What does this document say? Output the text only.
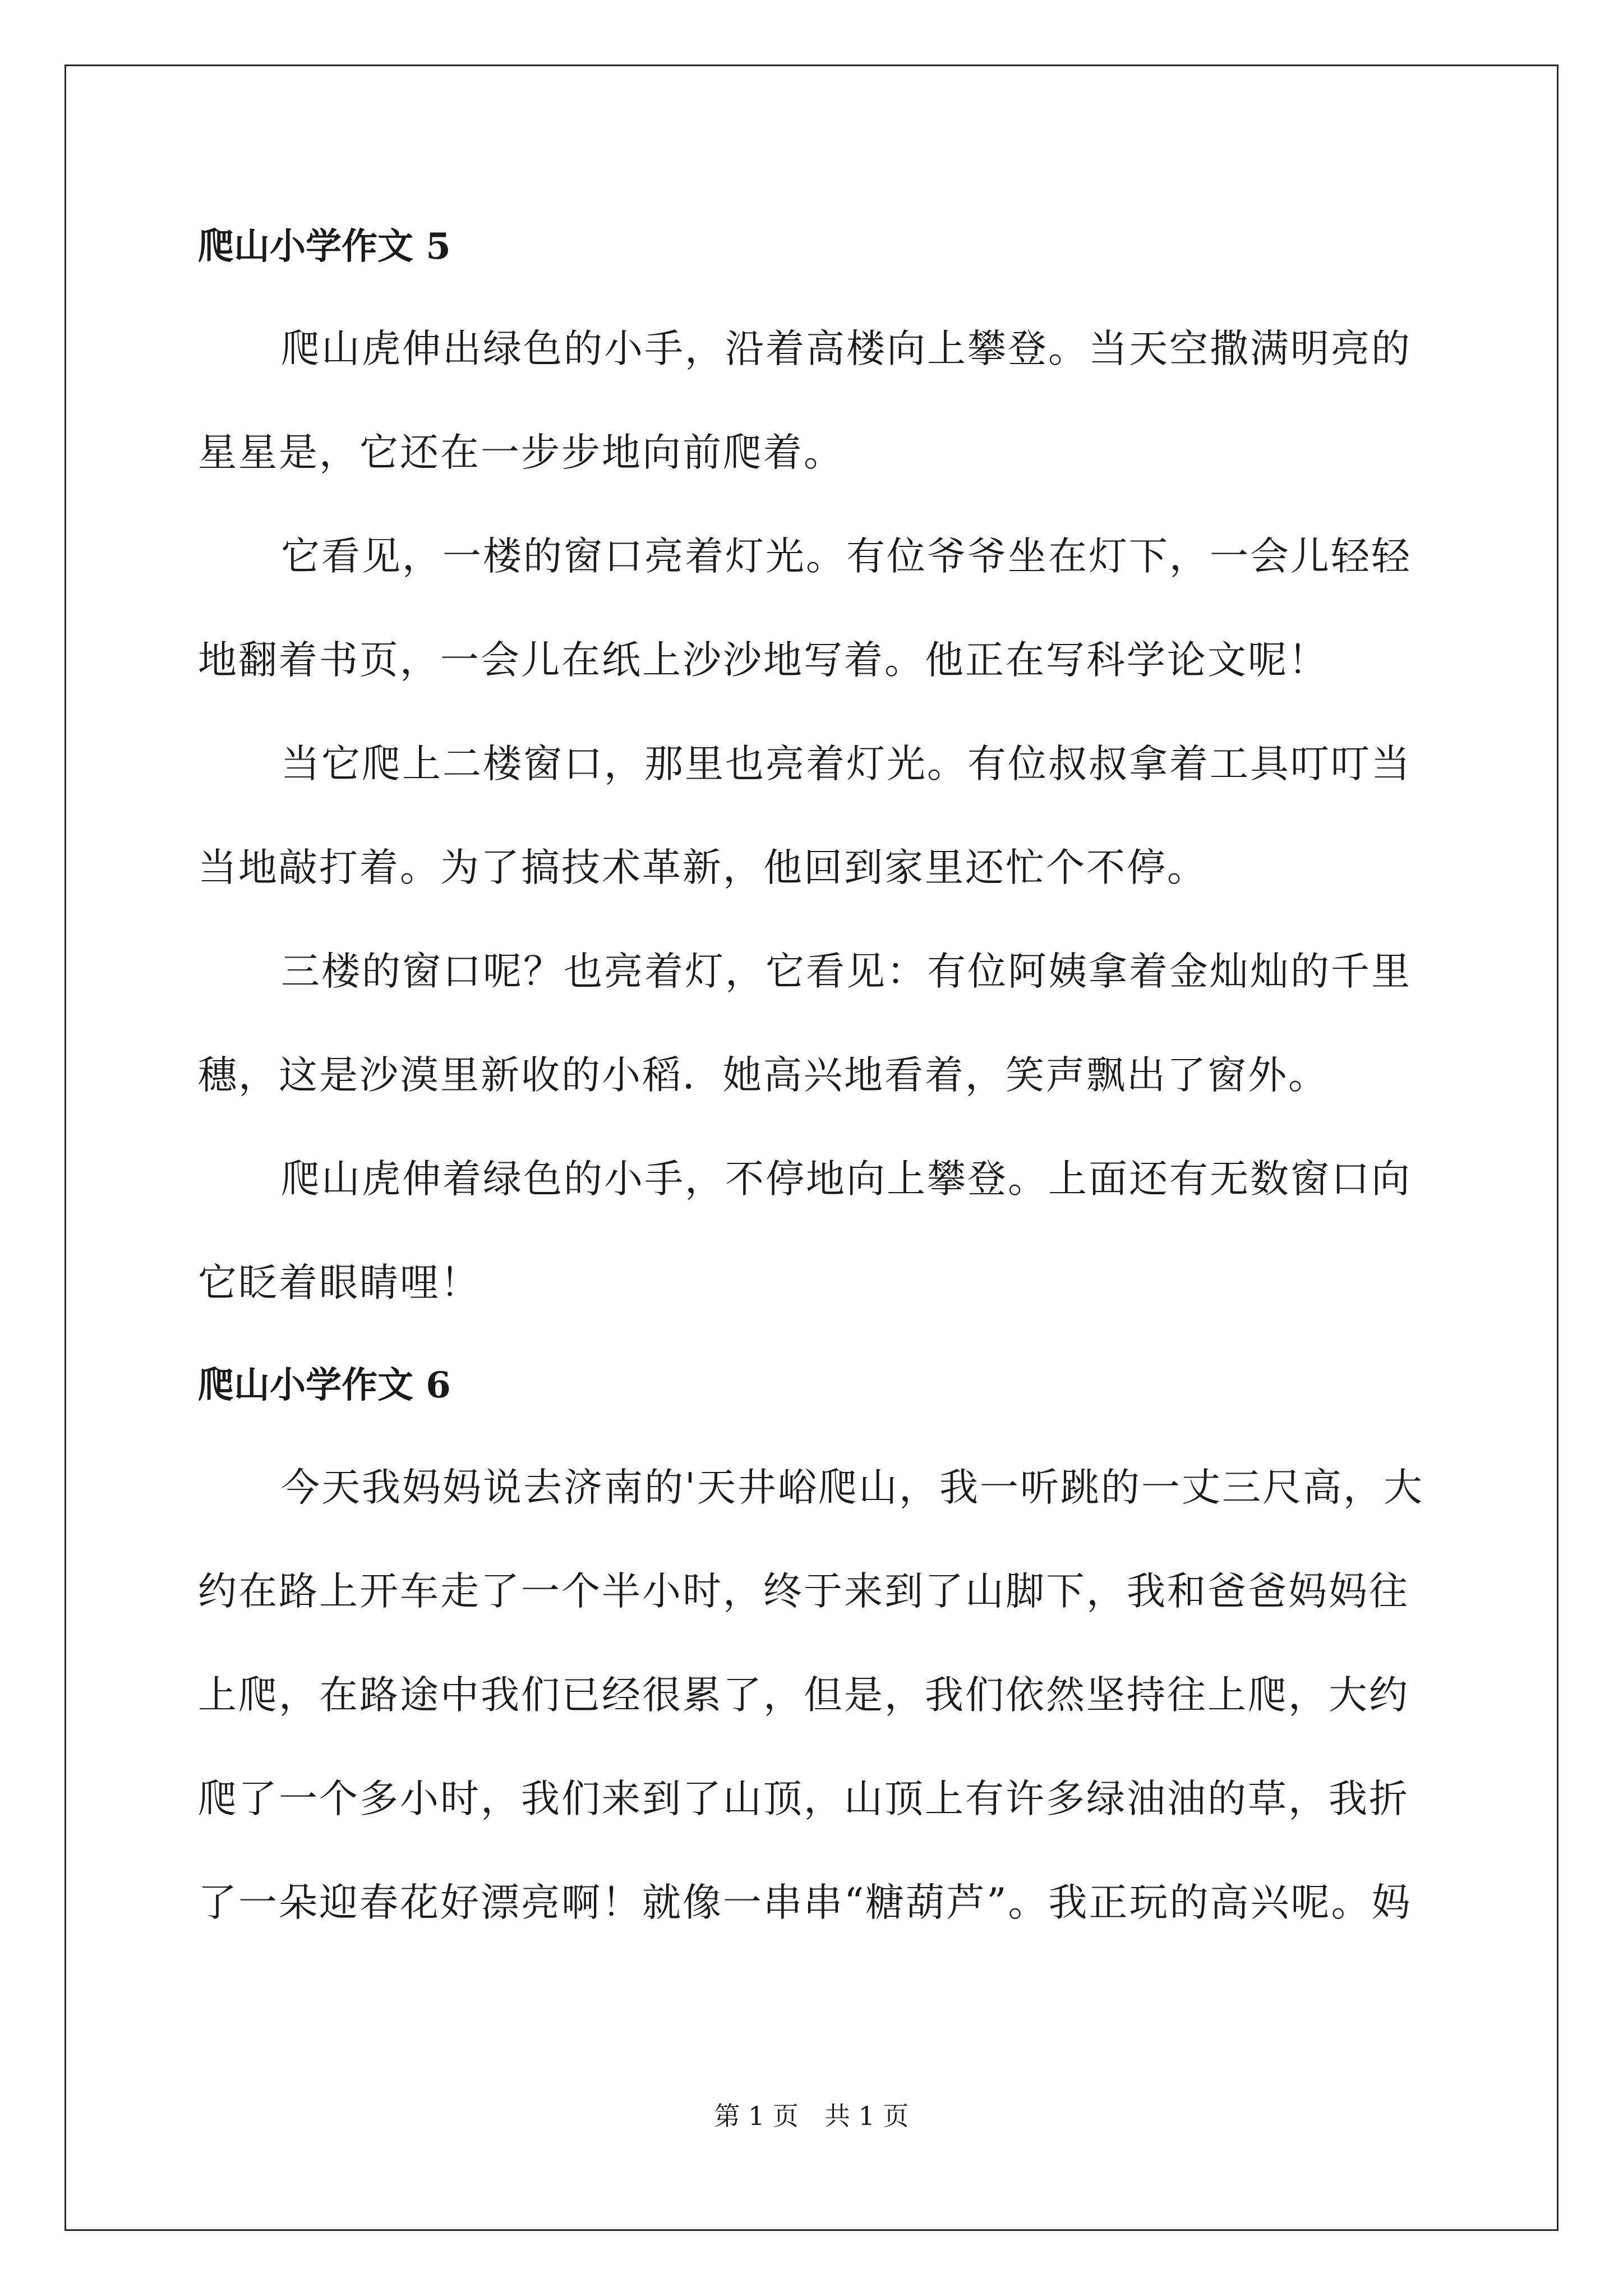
爬山小学作文 5

爬山虎伸出绿色的小手，沿着高楼向上攀登。当天空撒满明亮的星星是，它还在一步步地向前爬着。

它看见，一楼的窗口亮着灯光。有位爷爷坐在灯下，一会儿轻轻地翻着书页，一会儿在纸上沙沙地写着。他正在写科学论文呢！

当它爬上二楼窗口，那里也亮着灯光。有位叔叔拿着工具叮叮当当地敲打着。为了搞技术革新，他回到家里还忙个不停。

三楼的窗口呢？也亮着灯，它看见：有位阿姨拿着金灿灿的千里穗，这是沙漠里新收的小稻．她高兴地看着，笑声飘出了窗外。

爬山虎伸着绿色的小手，不停地向上攀登。上面还有无数窗口向它眨着眼睛哩！

爬山小学作文 6

今天我妈妈说去济南的'天井峪爬山，我一听跳的一丈三尺高，大约在路上开车走了一个半小时，终于来到了山脚下，我和爸爸妈妈往上爬，在路途中我们已经很累了，但是，我们依然坚持往上爬，大约爬了一个多小时，我们来到了山顶，山顶上有许多绿油油的草，我折了一朵迎春花好漂亮啊！就像一串串“糖葫芦”。我正玩的高兴呢。妈

第 1 页　共 1 页
